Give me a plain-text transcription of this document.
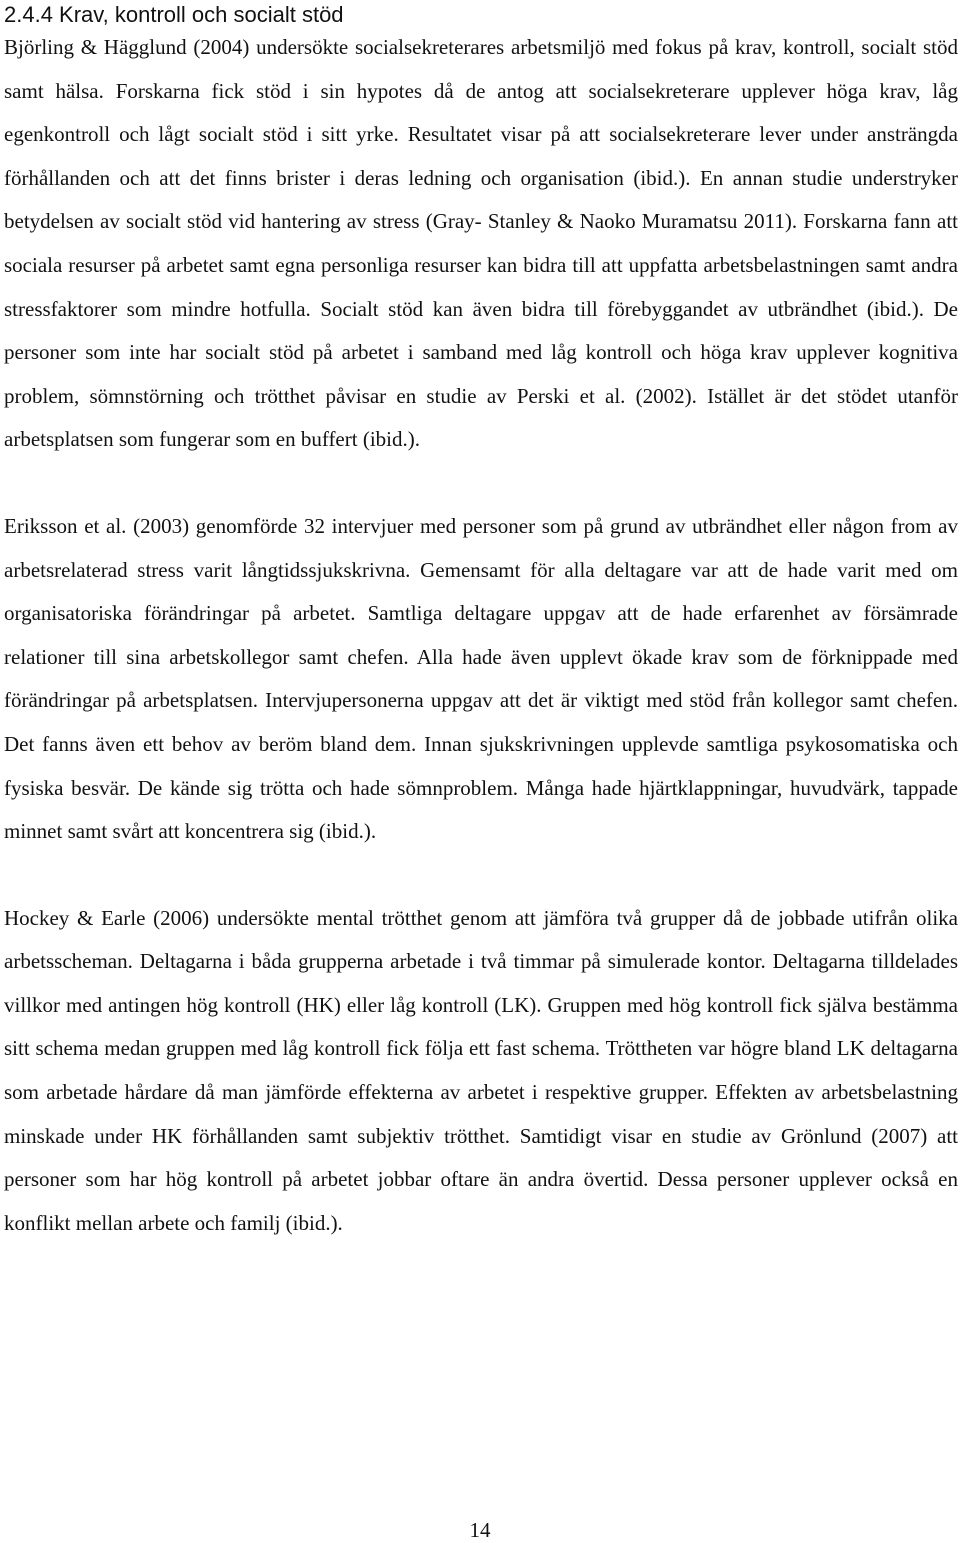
2.4.4 Krav, kontroll och socialt stöd

Björling & Hägglund (2004) undersökte socialsekreterares arbetsmiljö med fokus på krav, kontroll, socialt stöd samt hälsa. Forskarna fick stöd i sin hypotes då de antog att socialsekreterare upplever höga krav, låg egenkontroll och lågt socialt stöd i sitt yrke. Resultatet visar på att socialsekreterare lever under ansträngda förhållanden och att det finns brister i deras ledning och organisation (ibid.). En annan studie understryker betydelsen av socialt stöd vid hantering av stress (Gray- Stanley & Naoko Muramatsu 2011). Forskarna fann att sociala resurser på arbetet samt egna personliga resurser kan bidra till att uppfatta arbetsbelastningen samt andra stressfaktorer som mindre hotfulla. Socialt stöd kan även bidra till förebyggandet av utbrändhet (ibid.). De personer som inte har socialt stöd på arbetet i samband med låg kontroll och höga krav upplever kognitiva problem, sömnstörning och trötthet påvisar en studie av Perski et al. (2002). Istället är det stödet utanför arbetsplatsen som fungerar som en buffert (ibid.).

Eriksson et al. (2003) genomförde 32 intervjuer med personer som på grund av utbrändhet eller någon from av arbetsrelaterad stress varit långtidssjukskrivna. Gemensamt för alla deltagare var att de hade varit med om organisatoriska förändringar på arbetet. Samtliga deltagare uppgav att de hade erfarenhet av försämrade relationer till sina arbetskollegor samt chefen. Alla hade även upplevt ökade krav som de förknippade med förändringar på arbetsplatsen. Intervjupersonerna uppgav att det är viktigt med stöd från kollegor samt chefen. Det fanns även ett behov av beröm bland dem. Innan sjukskrivningen upplevde samtliga psykosomatiska och fysiska besvär. De kände sig trötta och hade sömnproblem. Många hade hjärtklappningar, huvudvärk, tappade minnet samt svårt att koncentrera sig (ibid.).

Hockey & Earle (2006) undersökte mental trötthet genom att jämföra två grupper då de jobbade utifrån olika arbetsscheman. Deltagarna i båda grupperna arbetade i två timmar på simulerade kontor. Deltagarna tilldelades villkor med antingen hög kontroll (HK) eller låg kontroll (LK). Gruppen med hög kontroll fick själva bestämma sitt schema medan gruppen med låg kontroll fick följa ett fast schema. Tröttheten var högre bland LK deltagarna som arbetade hårdare då man jämförde effekterna av arbetet i respektive grupper. Effekten av arbetsbelastning minskade under HK förhållanden samt subjektiv trötthet. Samtidigt visar en studie av Grönlund (2007) att personer som har hög kontroll på arbetet jobbar oftare än andra övertid. Dessa personer upplever också en konflikt mellan arbete och familj (ibid.).

14
